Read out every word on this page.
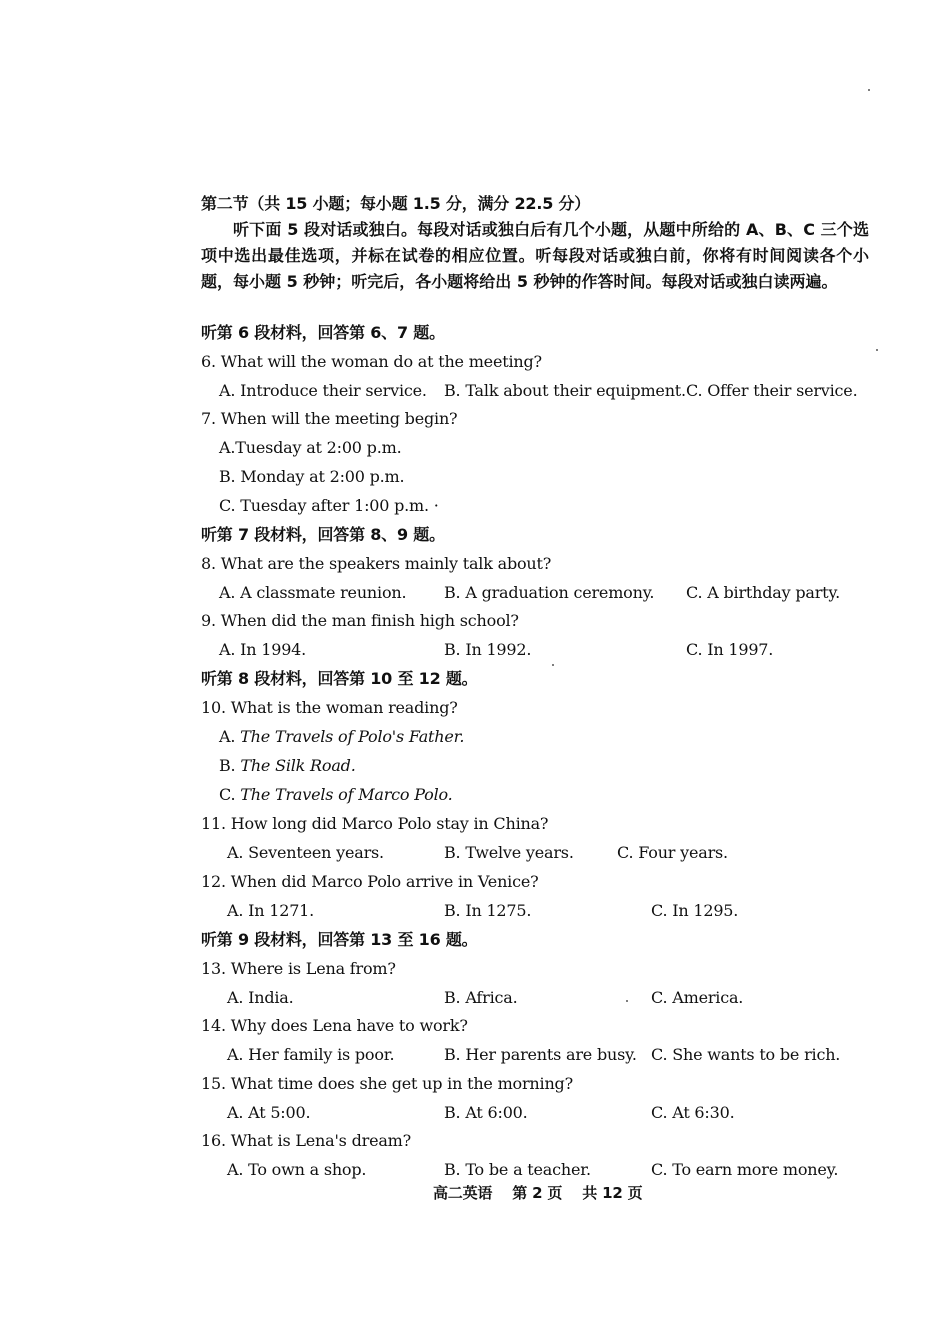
第二节（共 15 小题；每小题 1.5 分，满分 22.5 分）
听下面 5 段对话或独白。每段对话或独白后有几个小题，从题中所给的 A、B、C 三个选项中选出最佳选项，并标在试卷的相应位置。听每段对话或独白前，你将有时间阅读各个小题，每小题 5 秒钟；听完后，各小题将给出 5 秒钟的作答时间。每段对话或独白读两遍。
听第 6 段材料，回答第 6、7 题。
6. What will the woman do at the meeting?
A. Introduce their service. B. Talk about their equipment. C. Offer their service.
7. When will the meeting begin?
A.Tuesday at 2:00 p.m.
B. Monday at 2:00 p.m.
C. Tuesday after 1:00 p.m. ·
听第 7 段材料，回答第 8、9 题。
8. What are the speakers mainly talk about?
A. A classmate reunion. B. A graduation ceremony. C. A birthday party.
9. When did the man finish high school?
A. In 1994.	B. In 1992.	C. In 1997.
听第 8 段材料，回答第 10 至 12 题。
10. What is the woman reading?
A. The Travels of Polo's Father.
B. The Silk Road.
C. The Travels of Marco Polo.
11. How long did Marco Polo stay in China?
A. Seventeen years.	B. Twelve years.	C. Four years.
12. When did Marco Polo arrive in Venice?
A. In 1271.	B. In 1275.	C. In 1295.
听第 9 段材料，回答第 13 至 16 题。
13. Where is Lena from?
A. India.	B. Africa.	C. America.
14. Why does Lena have to work?
A. Her family is poor.	B. Her parents are busy. C. She wants to be rich.
15. What time does she get up in the morning?
A. At 5:00.	B. At 6:00.	C. At 6:30.
16. What is Lena's dream?
A. To own a shop.	B. To be a teacher.	C. To earn more money.
高二英语    第 2 页    共 12 页
